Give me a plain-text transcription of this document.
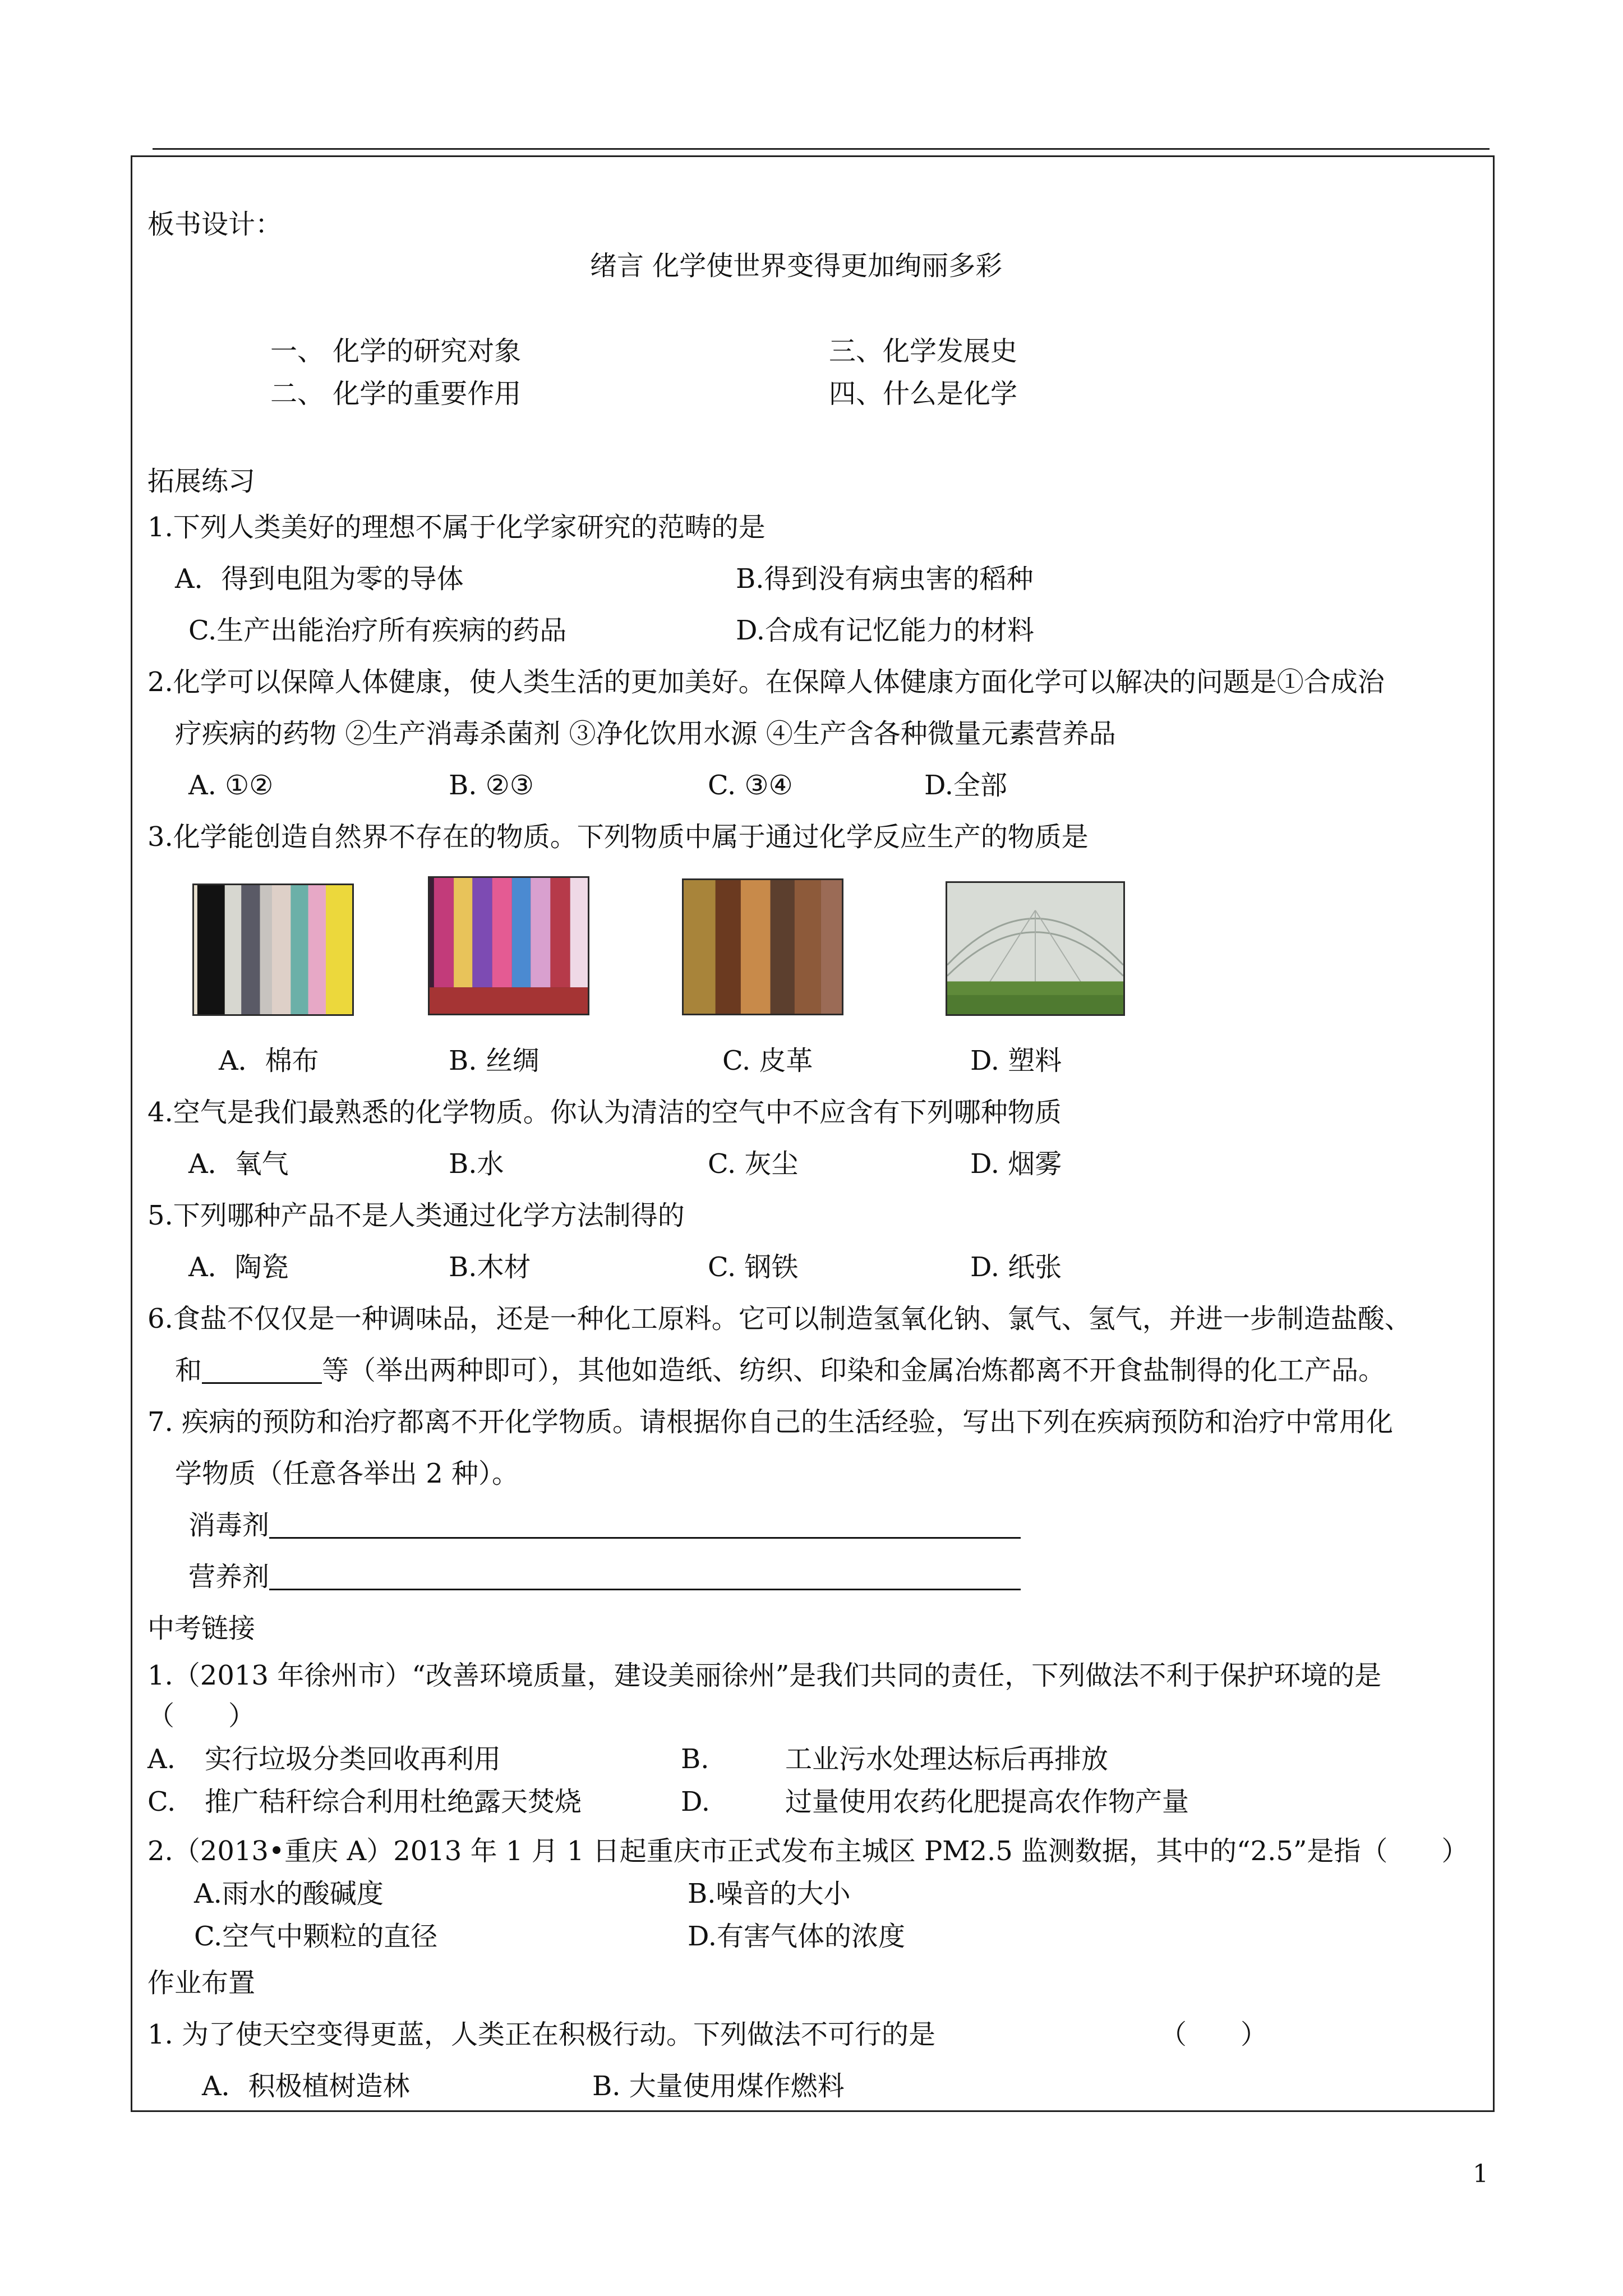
板书设计：
绪言 化学使世界变得更加绚丽多彩
一、 化学的研究对象
二、 化学的重要作用
三、化学发展史
四、什么是化学
拓展练习
1.下列人类美好的理想不属于化学家研究的范畴的是
A．得到电阻为零的导体	B.得到没有病虫害的稻种
C.生产出能治疗所有疾病的药品	D.合成有记忆能力的材料
2.化学可以保障人体健康，使人类生活的更加美好。在保障人体健康方面化学可以解决的问题是①合成治
疗疾病的药物 ②生产消毒杀菌剂 ③净化饮用水源 ④生产含各种微量元素营养品
A. ①②	B. ②③	C. ③④	D.全部
3.化学能创造自然界不存在的物质。下列物质中属于通过化学反应生产的物质是
A．棉布	B. 丝绸	C. 皮革	D. 塑料
4.空气是我们最熟悉的化学物质。你认为清洁的空气中不应含有下列哪种物质
A．氧气	B.水	C. 灰尘	D. 烟雾
5.下列哪种产品不是人类通过化学方法制得的
A．陶瓷	B.木材	C. 钢铁	D. 纸张
6.食盐不仅仅是一种调味品，还是一种化工原料。它可以制造氢氧化钠、氯气、氢气，并进一步制造盐酸、
和	等（举出两种即可），其他如造纸、纺织、印染和金属冶炼都离不开食盐制得的化工产品。
7. 疾病的预防和治疗都离不开化学物质。请根据你自己的生活经验，写出下列在疾病预防和治疗中常用化
学物质（任意各举出 2 种）。
消毒剂
营养剂
中考链接
1.（2013 年徐州市）“改善环境质量，建设美丽徐州”是我们共同的责任，下列做法不利于保护环境的是
（　　）
A. 实行垃圾分类回收再利用	B.	工业污水处理达标后再排放
C. 推广秸秆综合利用杜绝露天焚烧	D.	过量使用农药化肥提高农作物产量
2.（2013•重庆 A）2013 年 1 月 1 日起重庆市正式发布主城区 PM2.5 监测数据，其中的“2.5”是指（　　）
A.雨水的酸碱度	B.噪音的大小
C.空气中颗粒的直径	D.有害气体的浓度
作业布置
1. 为了使天空变得更蓝，人类正在积极行动。下列做法不可行的是	（　　）
A．积极植树造林	B. 大量使用煤作燃料
1
